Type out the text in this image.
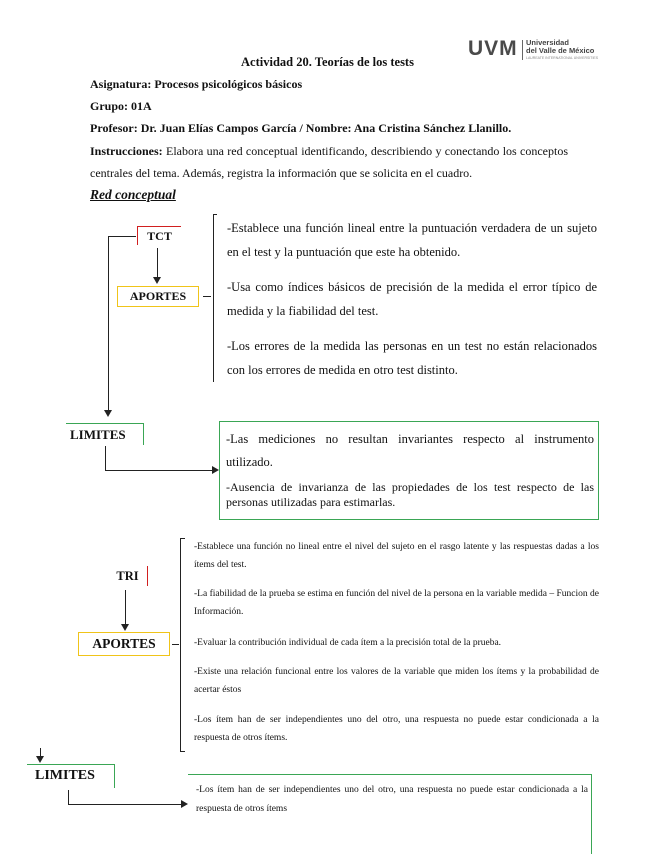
UVM Universidad
del Valle de México
LAUREATE INTERNATIONAL UNIVERSITIES
Actividad 20. Teorías de los tests
Asignatura: Procesos psicológicos básicos
Grupo: 01A
Profesor: Dr. Juan Elías Campos García / Nombre: Ana Cristina Sánchez Llanillo.
Instrucciones: Elabora una red conceptual identificando, describiendo y conectando los conceptos centrales del tema. Además, registra la información que se solicita en el cuadro.
Red conceptual
TCT
APORTES
-Establece una función lineal entre la puntuación verdadera de un sujeto en el test y la puntuación que este ha obtenido.
-Usa como índices básicos de precisión de la medida el error típico de medida y la fiabilidad del test.
-Los errores de la medida las personas en un test no están relacionados con los errores de medida en otro test distinto.
LIMITES	-Las mediciones no resultan invariantes respecto al instrumento utilizado.
-Ausencia de invarianza de las propiedades de los test respecto de las personas utilizadas para estimarlas.
TRI
APORTES
-Establece una función no lineal entre el nivel del sujeto en el rasgo latente y las respuestas dadas a los ítems del test.
-La fiabilidad de la prueba se estima en función del nivel de la persona en la variable medida – Funcion de Información.
-Evaluar la contribución individual de cada ítem a la precisión total de la prueba.
-Existe una relación funcional entre los valores de la variable que miden los ítems y la probabilidad de acertar éstos
-Los ítem han de ser independientes uno del otro, una respuesta no puede estar condicionada a la respuesta de otros ítems.
LIMITES
-Los ítem han de ser independientes uno del otro, una respuesta no puede estar condicionada a la respuesta de otros ítems
